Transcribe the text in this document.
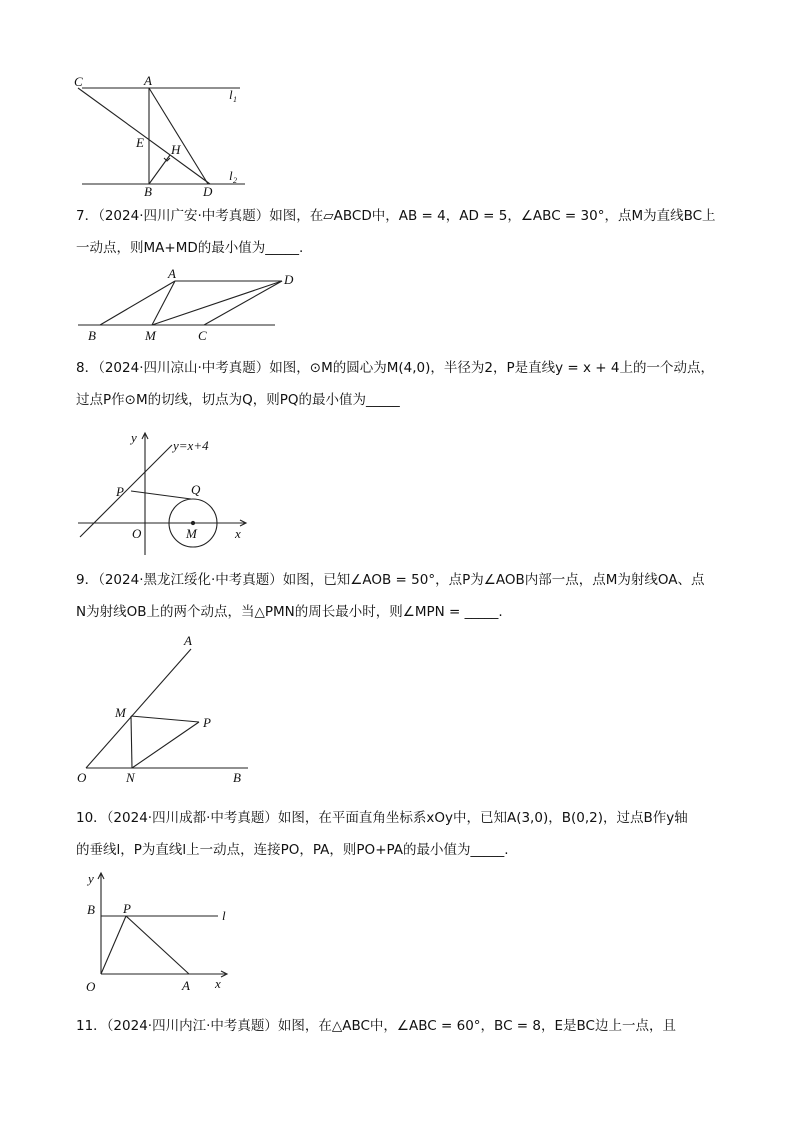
C	A
l 1
E H
B	D
l 2
7．（2024·四川广安·中考真题）如图，在▱ABCD中，AB = 4，AD = 5，∠ABC = 30°，点M为直线BC上
一动点，则MA+MD的最小值为_____.
A	D
B	M	C
8．（2024·四川凉山·中考真题）如图，⊙M的圆心为M(4,0)，半径为2，P是直线y = x + 4上的一个动点，
过点P作⊙M的切线，切点为Q，则PQ的最小值为_____
y
y=x+4
P	Q
O	M	x
9．（2024·黑龙江绥化·中考真题）如图，已知∠AOB = 50°，点P为∠AOB内部一点，点M为射线OA、点
N为射线OB上的两个动点，当△PMN的周长最小时，则∠MPN = _____.
A
M
P
O	N	B
10．（2024·四川成都·中考真题）如图，在平面直角坐标系xOy中，已知A(3,0)，B(0,2)，过点B作y轴
的垂线l，P为直线l上一动点，连接PO，PA，则PO+PA的最小值为_____.
y
B P	l
O	A x
11．（2024·四川内江·中考真题）如图，在△ABC中，∠ABC = 60°，BC = 8，E是BC边上一点，且
